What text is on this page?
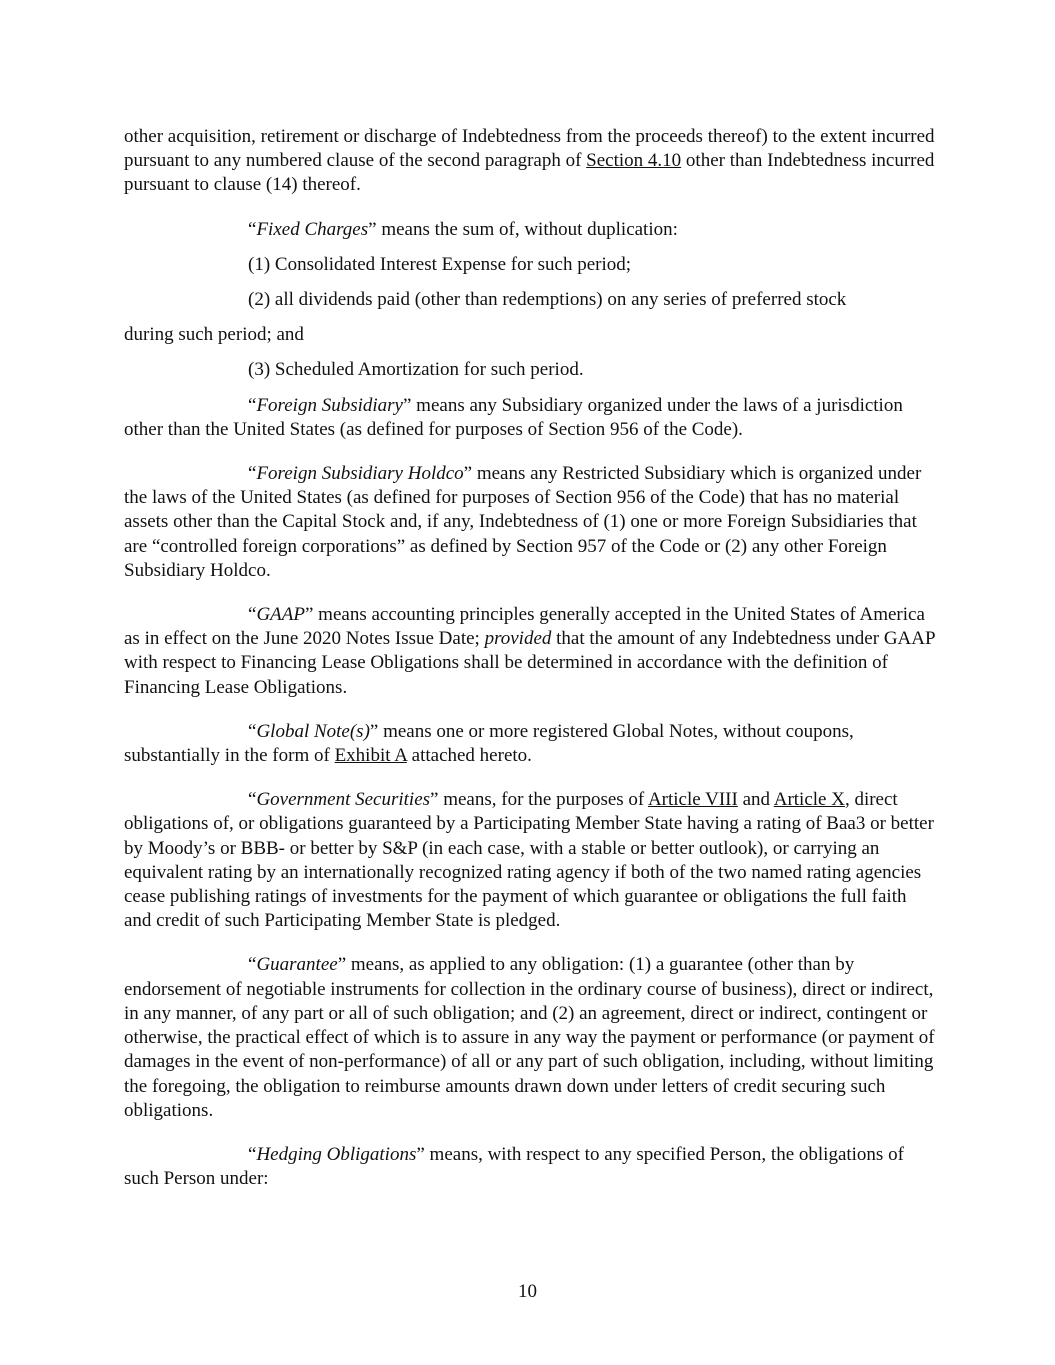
other acquisition, retirement or discharge of Indebtedness from the proceeds thereof) to the extent incurred pursuant to any numbered clause of the second paragraph of Section 4.10 other than Indebtedness incurred pursuant to clause (14) thereof.

“Fixed Charges” means the sum of, without duplication:

(1) Consolidated Interest Expense for such period;

(2) all dividends paid (other than redemptions) on any series of preferred stock

during such period; and

(3) Scheduled Amortization for such period.

“Foreign Subsidiary” means any Subsidiary organized under the laws of a jurisdiction other than the United States (as defined for purposes of Section 956 of the Code).

“Foreign Subsidiary Holdco” means any Restricted Subsidiary which is organized under the laws of the United States (as defined for purposes of Section 956 of the Code) that has no material assets other than the Capital Stock and, if any, Indebtedness of (1) one or more Foreign Subsidiaries that are “controlled foreign corporations” as defined by Section 957 of the Code or (2) any other Foreign Subsidiary Holdco.

“GAAP” means accounting principles generally accepted in the United States of America as in effect on the June 2020 Notes Issue Date; provided that the amount of any Indebtedness under GAAP with respect to Financing Lease Obligations shall be determined in accordance with the definition of Financing Lease Obligations.

“Global Note(s)” means one or more registered Global Notes, without coupons, substantially in the form of Exhibit A attached hereto.

“Government Securities” means, for the purposes of Article VIII and Article X, direct obligations of, or obligations guaranteed by a Participating Member State having a rating of Baa3 or better by Moody’s or BBB- or better by S&P (in each case, with a stable or better outlook), or carrying an equivalent rating by an internationally recognized rating agency if both of the two named rating agencies cease publishing ratings of investments for the payment of which guarantee or obligations the full faith and credit of such Participating Member State is pledged.

“Guarantee” means, as applied to any obligation: (1) a guarantee (other than by endorsement of negotiable instruments for collection in the ordinary course of business), direct or indirect, in any manner, of any part or all of such obligation; and (2) an agreement, direct or indirect, contingent or otherwise, the practical effect of which is to assure in any way the payment or performance (or payment of damages in the event of non-performance) of all or any part of such obligation, including, without limiting the foregoing, the obligation to reimburse amounts drawn down under letters of credit securing such obligations.

“Hedging Obligations” means, with respect to any specified Person, the obligations of such Person under:

10
